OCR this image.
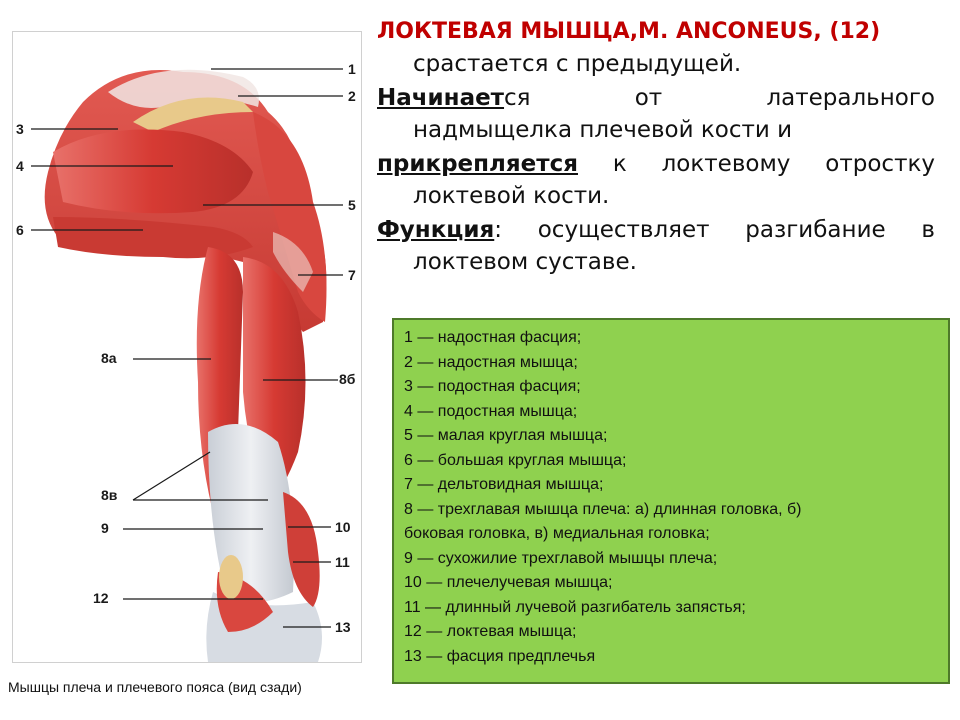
1
2
3
4
5
6
7
8а
8б
8в
9	10
11
12
13
Мышцы плеча и плечевого пояса (вид сзади)
ЛОКТЕВАЯ МЫШЦА,М. ANCONEUS, (12)
срастается с предыдущей.
Начинается	от	латерального
надмыщелка плечевой кости и
прикрепляется к локтевому отростку
локтевой кости.
Функция: осуществляет разгибание в
локтевом суставе.
1 — надостная фасция;
2 — надостная мышца;
3 — подостная фасция;
4 — подостная мышца;
5 — малая круглая мышца;
6 — большая круглая мышца;
7 — дельтовидная мышца;
8 — трехглавая мышца плеча: а) длинная головка, б)
боковая головка, в) медиальная головка;
9 — сухожилие трехглавой мышцы плеча;
10 — плечелучевая мышца;
11 — длинный лучевой разгибатель запястья;
12 — локтевая мышца;
13 — фасция предплечья
